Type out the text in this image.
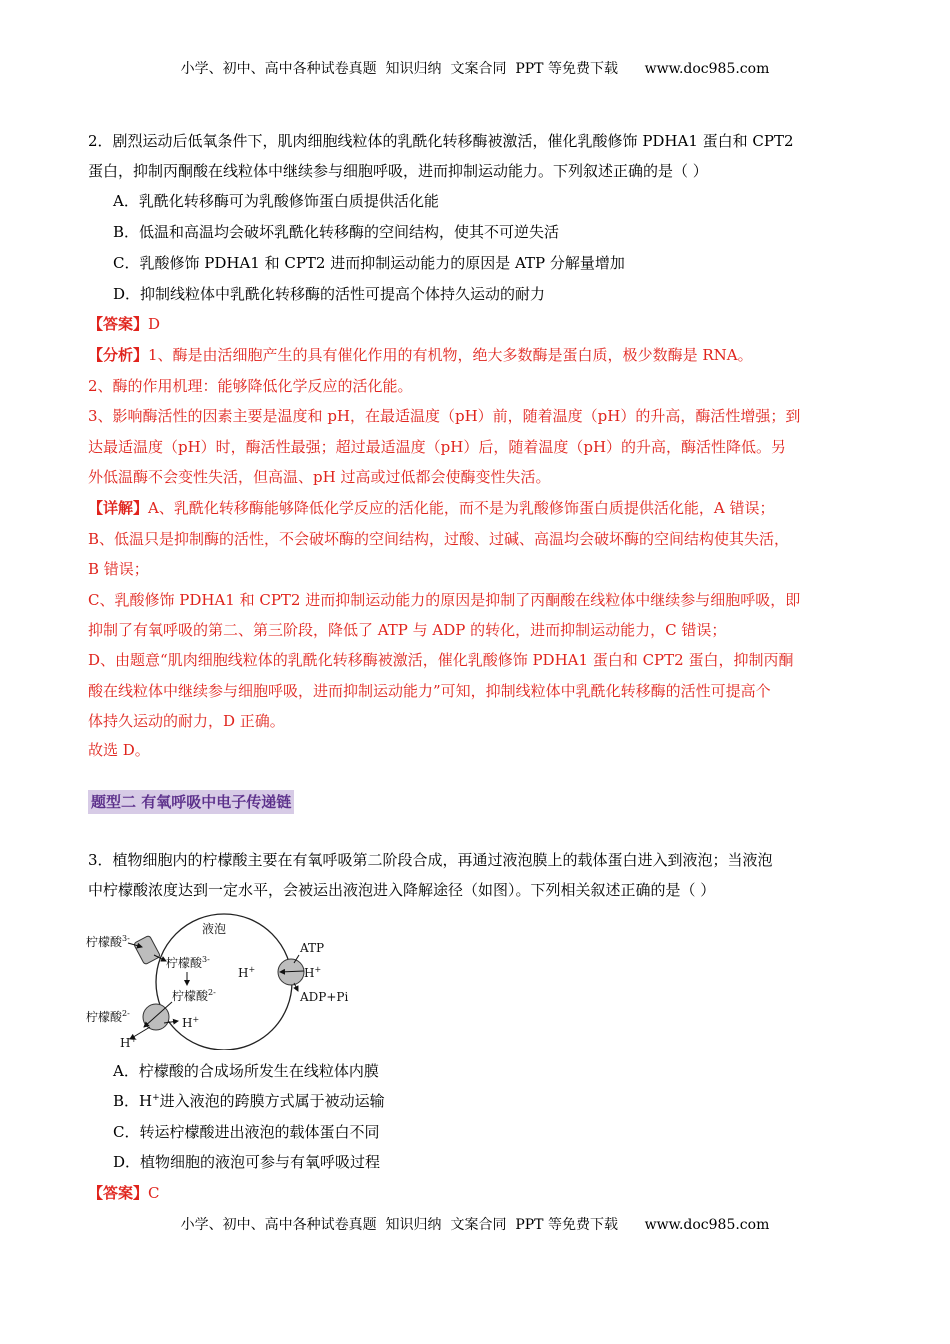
小学、初中、高中各种试卷真题  知识归纳  文案合同  PPT 等免费下载      www.doc985.com
2．剧烈运动后低氧条件下，肌肉细胞线粒体的乳酰化转移酶被激活，催化乳酸修饰 PDHA1 蛋白和 CPT2
蛋白，抑制丙酮酸在线粒体中继续参与细胞呼吸，进而抑制运动能力。下列叙述正确的是（ ）
A．乳酰化转移酶可为乳酸修饰蛋白质提供活化能
B．低温和高温均会破坏乳酰化转移酶的空间结构，使其不可逆失活
C．乳酸修饰 PDHA1 和 CPT2 进而抑制运动能力的原因是 ATP 分解量增加
D．抑制线粒体中乳酰化转移酶的活性可提高个体持久运动的耐力
【答案】D
【分析】1、酶是由活细胞产生的具有催化作用的有机物，绝大多数酶是蛋白质，极少数酶是 RNA。
2、酶的作用机理：能够降低化学反应的活化能。
3、影响酶活性的因素主要是温度和 pH，在最适温度（pH）前，随着温度（pH）的升高，酶活性增强；到
达最适温度（pH）时，酶活性最强；超过最适温度（pH）后，随着温度（pH）的升高，酶活性降低。另
外低温酶不会变性失活，但高温、pH 过高或过低都会使酶变性失活。
【详解】A、乳酰化转移酶能够降低化学反应的活化能，而不是为乳酸修饰蛋白质提供活化能，A 错误；
B、低温只是抑制酶的活性，不会破坏酶的空间结构，过酸、过碱、高温均会破坏酶的空间结构使其失活，
B 错误；
C、乳酸修饰 PDHA1 和 CPT2 进而抑制运动能力的原因是抑制了丙酮酸在线粒体中继续参与细胞呼吸，即
抑制了有氧呼吸的第二、第三阶段，降低了 ATP 与 ADP 的转化，进而抑制运动能力，C 错误；
D、由题意“肌肉细胞线粒体的乳酰化转移酶被激活，催化乳酸修饰 PDHA1 蛋白和 CPT2 蛋白，抑制丙酮
酸在线粒体中继续参与细胞呼吸，进而抑制运动能力”可知，抑制线粒体中乳酰化转移酶的活性可提高个
体持久运动的耐力，D 正确。
故选 D。
题型二 有氧呼吸中电子传递链
3．植物细胞内的柠檬酸主要在有氧呼吸第二阶段合成，再通过液泡膜上的载体蛋白进入到液泡；当液泡
中柠檬酸浓度达到一定水平，会被运出液泡进入降解途径（如图）。下列相关叙述正确的是（ ）
液泡
柠檬酸$^{3-}$
柠檬酸$^{3-}$
柠檬酸$^{2-}$
H+
柠檬酸$^{2-}$
H+
ATP
H+
H+
ADP+Pi
A．柠檬酸的合成场所发生在线粒体内膜
B．H+进入液泡的跨膜方式属于被动运输
C．转运柠檬酸进出液泡的载体蛋白不同
D．植物细胞的液泡可参与有氧呼吸过程
【答案】C
小学、初中、高中各种试卷真题  知识归纳  文案合同  PPT 等免费下载      www.doc985.com
